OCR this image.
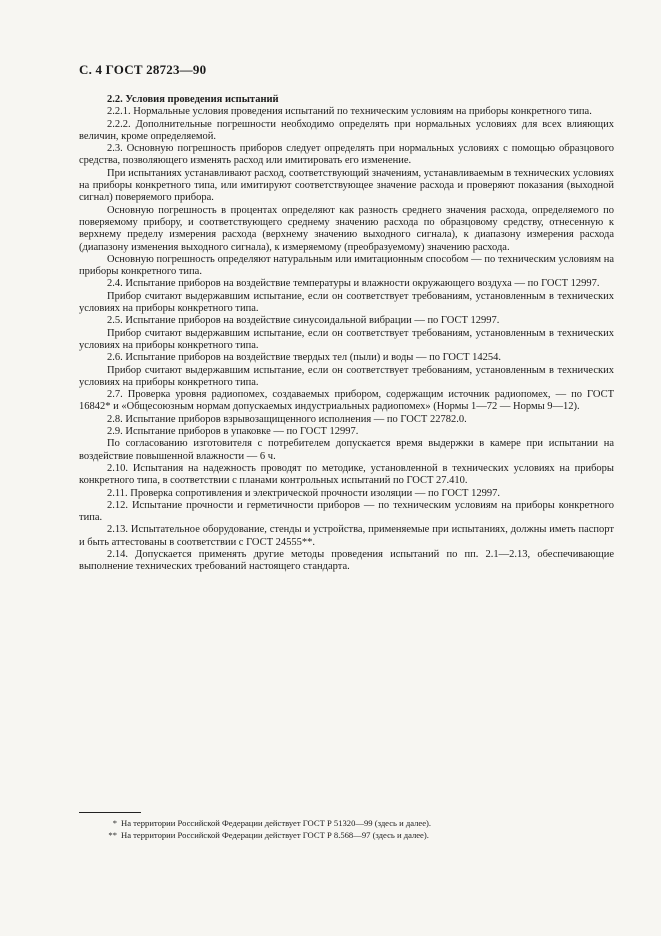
С. 4 ГОСТ 28723—90
2.2. Условия проведения испытаний

2.2.1. Нормальные условия проведения испытаний по техническим условиям на приборы конкретного типа.

2.2.2. Дополнительные погрешности необходимо определять при нормальных условиях для всех влияющих величин, кроме определяемой.

2.3. Основную погрешность приборов следует определять при нормальных условиях с помощью образцового средства, позволяющего изменять расход или имитировать его изменение.

При испытаниях устанавливают расход, соответствующий значениям, устанавливаемым в технических условиях на приборы конкретного типа, или имитируют соответствующее значение расхода и проверяют показания (выходной сигнал) поверяемого прибора.

Основную погрешность в процентах определяют как разность среднего значения расхода, определяемого по поверяемому прибору, и соответствующего среднему значению расхода по образцовому средству, отнесенную к верхнему пределу измерения расхода (верхнему значению выходного сигнала), к диапазону измерения расхода (диапазону изменения выходного сигнала), к измеряемому (преобразуемому) значению расхода.

Основную погрешность определяют натуральным или имитационным способом — по техническим условиям на приборы конкретного типа.

2.4. Испытание приборов на воздействие температуры и влажности окружающего воздуха — по ГОСТ 12997.

Прибор считают выдержавшим испытание, если он соответствует требованиям, установленным в технических условиях на приборы конкретного типа.

2.5. Испытание приборов на воздействие синусоидальной вибрации — по ГОСТ 12997.

Прибор считают выдержавшим испытание, если он соответствует требованиям, установленным в технических условиях на приборы конкретного типа.

2.6. Испытание приборов на воздействие твердых тел (пыли) и воды — по ГОСТ 14254.

Прибор считают выдержавшим испытание, если он соответствует требованиям, установленным в технических условиях на приборы конкретного типа.

2.7. Проверка уровня радиопомех, создаваемых прибором, содержащим источник радиопомех, — по ГОСТ 16842* и «Общесоюзным нормам допускаемых индустриальных радиопомех» (Нормы 1—72 — Нормы 9—12).

2.8. Испытание приборов взрывозащищенного исполнения — по ГОСТ 22782.0.

2.9. Испытание приборов в упаковке — по ГОСТ 12997.

По согласованию изготовителя с потребителем допускается время выдержки в камере при испытании на воздействие повышенной влажности — 6 ч.

2.10. Испытания на надежность проводят по методике, установленной в технических условиях на приборы конкретного типа, в соответствии с планами контрольных испытаний по ГОСТ 27.410.

2.11. Проверка сопротивления и электрической прочности изоляции — по ГОСТ 12997.

2.12. Испытание прочности и герметичности приборов — по техническим условиям на приборы конкретного типа.

2.13. Испытательное оборудование, стенды и устройства, применяемые при испытаниях, должны иметь паспорт и быть аттестованы в соответствии с ГОСТ 24555**.

2.14. Допускается применять другие методы проведения испытаний по пп. 2.1—2.13, обеспечивающие выполнение технических требований настоящего стандарта.

* На территории Российской Федерации действует ГОСТ Р 51320—99 (здесь и далее).
** На территории Российской Федерации действует ГОСТ Р 8.568—97 (здесь и далее).
